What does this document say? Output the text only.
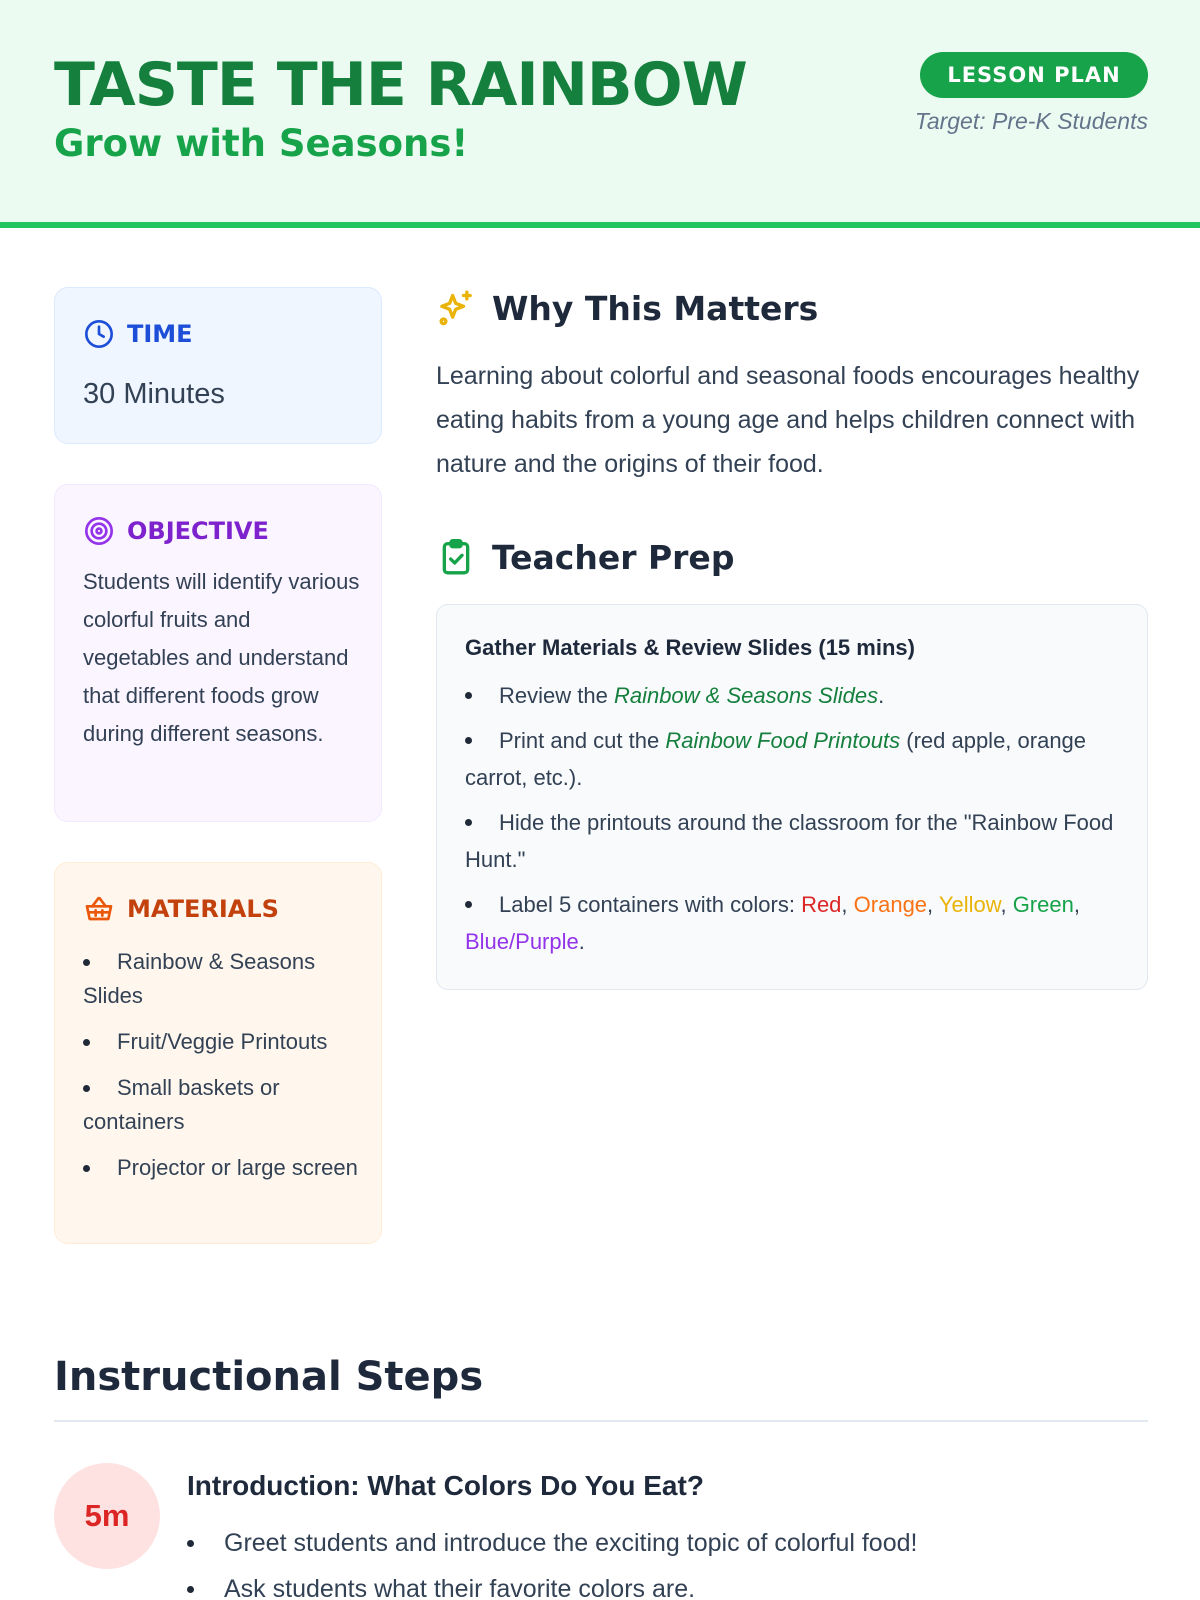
TASTE THE RAINBOW
Grow with Seasons!
LESSON PLAN
Target: Pre-K Students
TIME
30 Minutes
OBJECTIVE
Students will identify various colorful fruits and vegetables and understand that different foods grow during different seasons.
MATERIALS
Rainbow & Seasons Slides
Fruit/Veggie Printouts
Small baskets or containers
Projector or large screen
Why This Matters
Learning about colorful and seasonal foods encourages healthy eating habits from a young age and helps children connect with nature and the origins of their food.
Teacher Prep
Gather Materials & Review Slides (15 mins)
Review the Rainbow & Seasons Slides.
Print and cut the Rainbow Food Printouts (red apple, orange carrot, etc.).
Hide the printouts around the classroom for the "Rainbow Food Hunt."
Label 5 containers with colors: Red, Orange, Yellow, Green, Blue/Purple.
Instructional Steps
5m
Introduction: What Colors Do You Eat?
Greet students and introduce the exciting topic of colorful food!
Ask students what their favorite colors are.
